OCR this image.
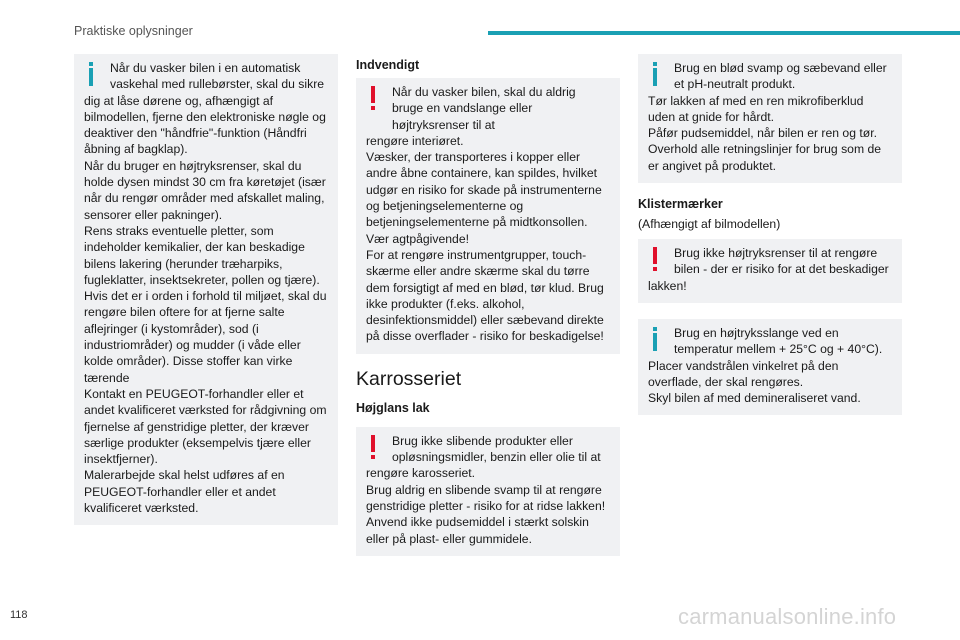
Praktiske oplysninger
Når du vasker bilen i en automatisk vaskehal med rullebørster, skal du sikre
dig at låse dørene og, afhængigt af bilmodellen, fjerne den elektroniske nøgle og deaktiver den "håndfrie"-funktion (Håndfri åbning af bagklap).
Når du bruger en højtryksrenser, skal du holde dysen mindst 30 cm fra køretøjet (især når du rengør områder med afskallet maling, sensorer eller pakninger).
Rens straks eventuelle pletter, som indeholder kemikalier, der kan beskadige bilens lakering (herunder træharpiks, fugleklatter, insektsekreter, pollen og tjære).
Hvis det er i orden i forhold til miljøet, skal du rengøre bilen oftere for at fjerne salte aflejringer (i kystområder), sod (i industriområder) og mudder (i våde eller kolde områder). Disse stoffer kan virke tærende
Kontakt en PEUGEOT-forhandler eller et andet kvalificeret værksted for rådgivning om fjernelse af genstridige pletter, der kræver særlige produkter (eksempelvis tjære eller insektfjerner).
Malerarbejde skal helst udføres af en PEUGEOT-forhandler eller et andet kvalificeret værksted.
Indvendigt
Når du vasker bilen, skal du aldrig bruge en vandslange eller højtryksrenser til at
rengøre interiøret.
Væsker, der transporteres i kopper eller andre åbne containere, kan spildes, hvilket udgør en risiko for skade på instrumenterne og betjeningselementerne og betjeningselementerne på midtkonsollen. Vær agtpågivende!
For at rengøre instrumentgrupper, touch-skærme eller andre skærme skal du tørre dem forsigtigt af med en blød, tør klud. Brug ikke produkter (f.eks. alkohol, desinfektionsmiddel) eller sæbevand direkte på disse overflader - risiko for beskadigelse!
Karrosseriet
Højglans lak
Brug ikke slibende produkter eller opløsningsmidler, benzin eller olie til at
rengøre karosseriet.
Brug aldrig en slibende svamp til at rengøre genstridige pletter - risiko for at ridse lakken!
Anvend ikke pudsemiddel i stærkt solskin eller på plast- eller gummidele.
Brug en blød svamp og sæbevand eller et pH-neutralt produkt.
Tør lakken af med en ren mikrofiberklud uden at gnide for hårdt.
Påfør pudsemiddel, når bilen er ren og tør.
Overhold alle retningslinjer for brug som de er angivet på produktet.
Klistermærker
(Afhængigt af bilmodellen)
Brug ikke højtryksrenser til at rengøre bilen - der er risiko for at det beskadiger
lakken!
Brug en højtryksslange ved en temperatur mellem + 25°C og + 40°C).
Placer vandstrålen vinkelret på den overflade, der skal rengøres.
Skyl bilen af med demineraliseret vand.
118	carmanualsonline.info
